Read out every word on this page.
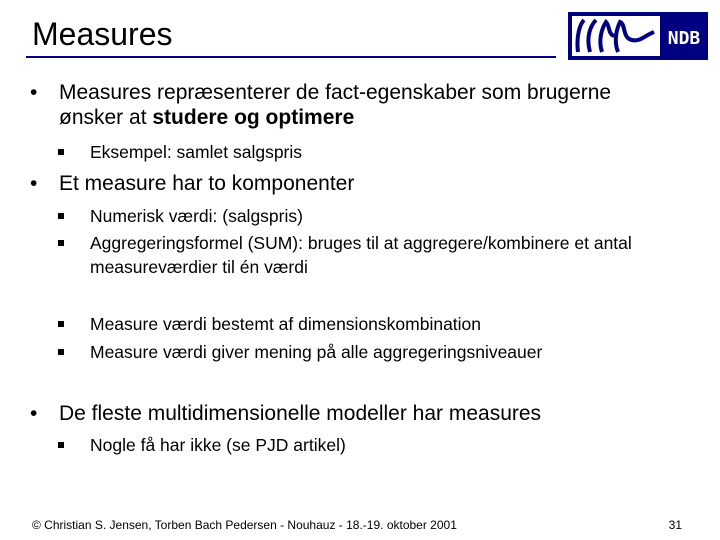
Measures	NDB
• Measures repræsenterer de fact-egenskaber som brugerne ønsker at studere og optimere
Eksempel: samlet salgspris
• Et measure har to komponenter
Numerisk værdi: (salgspris)
Aggregeringsformel (SUM): bruges til at aggregere/kombinere et antal measureværdier til én værdi
Measure værdi bestemt af dimensionskombination
Measure værdi giver mening på alle aggregeringsniveauer
• De fleste multidimensionelle modeller har measures
Nogle få har ikke (se PJD artikel)
© Christian S. Jensen, Torben Bach Pedersen - Nouhauz - 18.-19. oktober 2001	31
